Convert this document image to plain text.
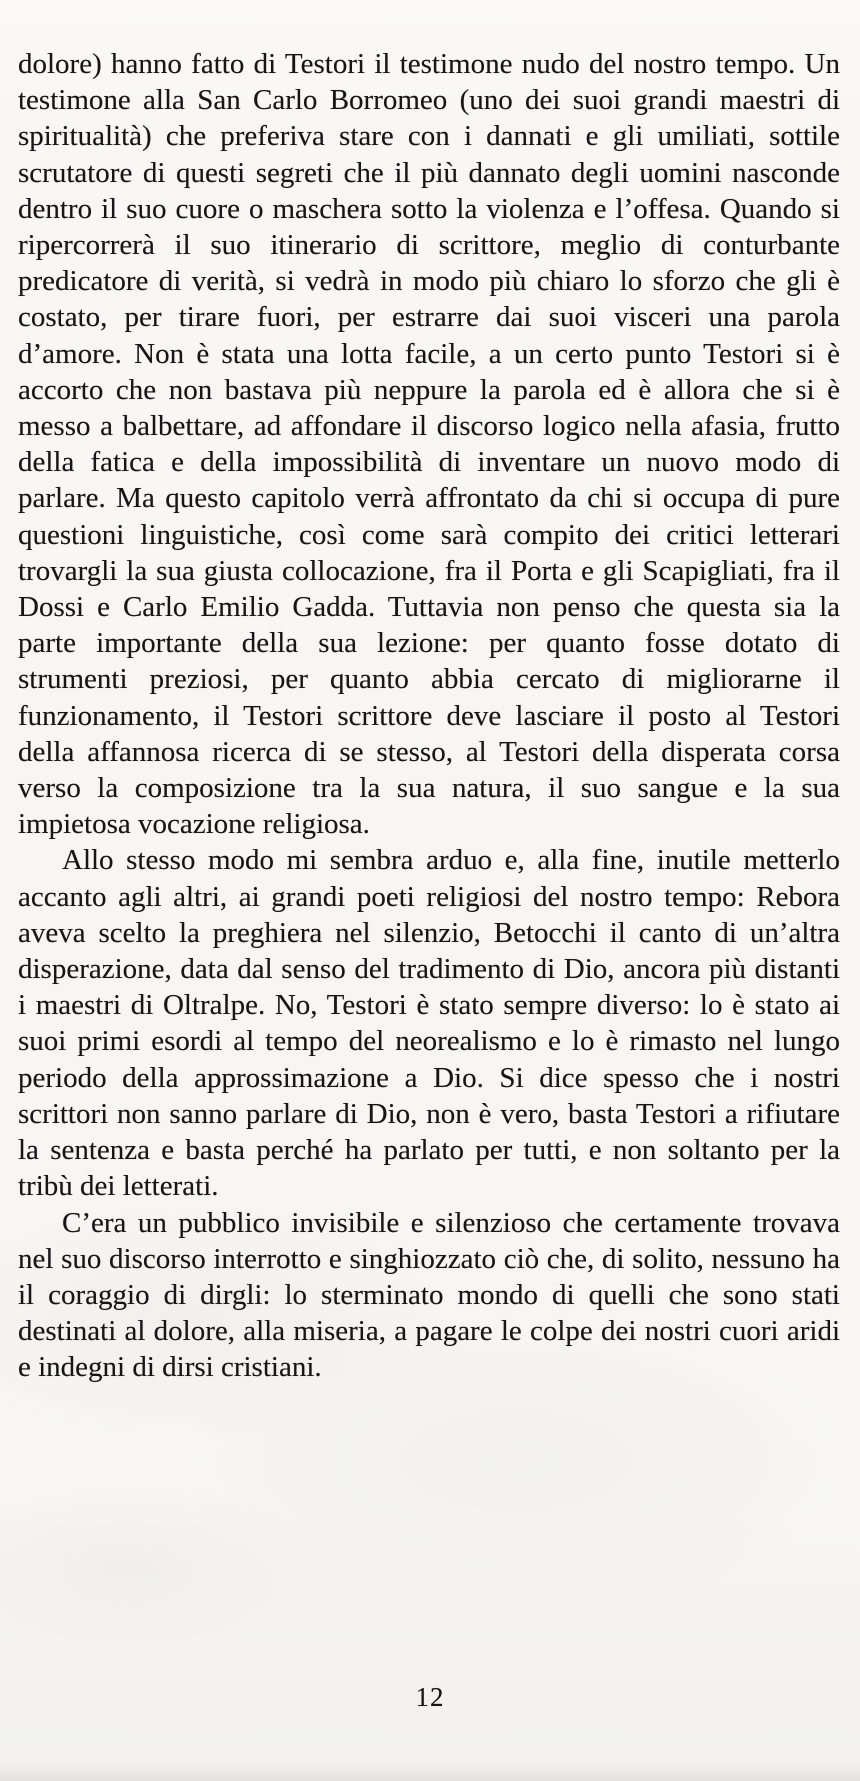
dolore) hanno fatto di Testori il testimone nudo del nostro tempo. Un testimone alla San Carlo Borromeo (uno dei suoi grandi maestri di spiritualità) che preferiva stare con i dannati e gli umiliati, sottile scrutatore di questi segreti che il più dannato degli uomini nasconde dentro il suo cuore o maschera sotto la violenza e l’offesa. Quando si ripercorrerà il suo itinerario di scrittore, meglio di conturbante predicatore di verità, si vedrà in modo più chiaro lo sforzo che gli è costato, per tirare fuori, per estrarre dai suoi visceri una parola d’amore. Non è stata una lotta facile, a un certo punto Testori si è accorto che non bastava più neppure la parola ed è allora che si è messo a balbettare, ad affondare il discorso logico nella afasia, frutto della fatica e della impossibilità di inventare un nuovo modo di parlare. Ma questo capitolo verrà affrontato da chi si occupa di pure questioni linguistiche, così come sarà compito dei critici letterari trovargli la sua giusta collocazione, fra il Porta e gli Scapigliati, fra il Dossi e Carlo Emilio Gadda. Tuttavia non penso che questa sia la parte importante della sua lezione: per quanto fosse dotato di strumenti preziosi, per quanto abbia cercato di migliorarne il funzionamento, il Testori scrittore deve lasciare il posto al Testori della affannosa ricerca di se stesso, al Testori della disperata corsa verso la composizione tra la sua natura, il suo sangue e la sua impietosa vocazione religiosa.

Allo stesso modo mi sembra arduo e, alla fine, inutile metterlo accanto agli altri, ai grandi poeti religiosi del nostro tempo: Rebora aveva scelto la preghiera nel silenzio, Betocchi il canto di un’altra disperazione, data dal senso del tradimento di Dio, ancora più distanti i maestri di Oltralpe. No, Testori è stato sempre diverso: lo è stato ai suoi primi esordi al tempo del neorealismo e lo è rimasto nel lungo periodo della approssimazione a Dio. Si dice spesso che i nostri scrittori non sanno parlare di Dio, non è vero, basta Testori a rifiutare la sentenza e basta perché ha parlato per tutti, e non soltanto per la tribù dei letterati.

C’era un pubblico invisibile e silenzioso che certamente trovava nel suo discorso interrotto e singhiozzato ciò che, di solito, nessuno ha il coraggio di dirgli: lo sterminato mondo di quelli che sono stati destinati al dolore, alla miseria, a pagare le colpe dei nostri cuori aridi e indegni di dirsi cristiani.

12
